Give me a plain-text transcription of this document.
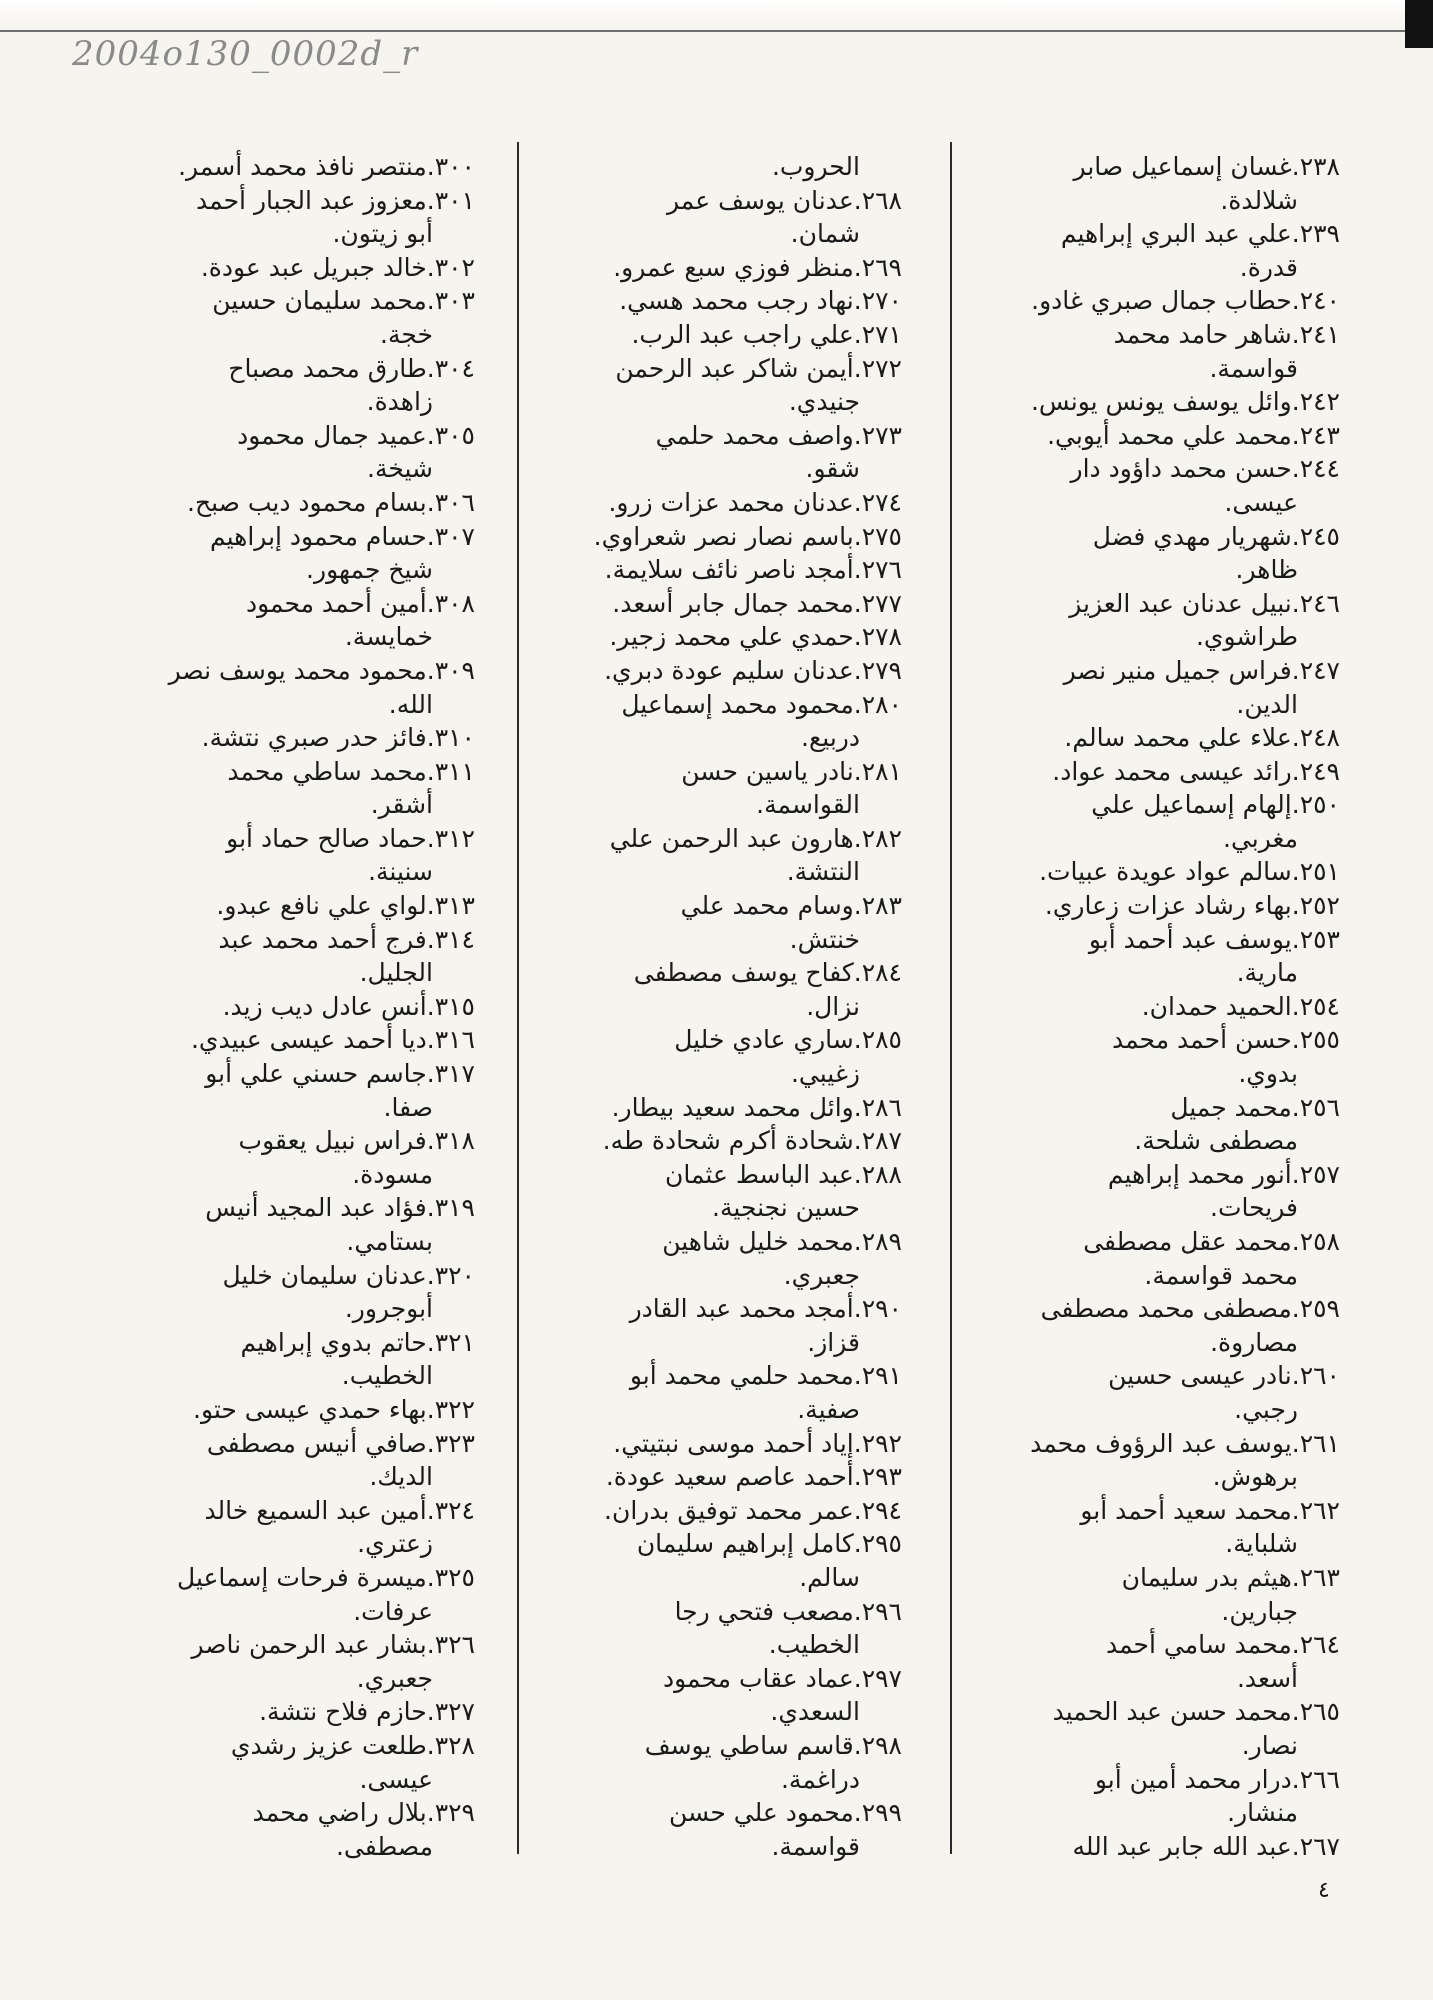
2004o130_0002d_r

٢٣٨.غسان إسماعيل صابر

شلالدة.

٢٣٩.علي عبد البري إبراهيم

قدرة.

٢٤٠.حطاب جمال صبري غادو.

٢٤١.شاهر حامد محمد

قواسمة.

٢٤٢.وائل يوسف يونس يونس.

٢٤٣.محمد علي محمد أيوبي.

٢٤٤.حسن محمد داؤود دار

عيسى.

٢٤٥.شهريار مهدي فضل

ظاهر.

٢٤٦.نبيل عدنان عبد العزيز

طراشوي.

٢٤٧.فراس جميل منير نصر

الدين.

٢٤٨.علاء علي محمد سالم.

٢٤٩.رائد عيسى محمد عواد.

٢٥٠.إلهام إسماعيل علي

مغربي.

٢٥١.سالم عواد عويدة عبيات.

٢٥٢.بهاء رشاد عزات زعاري.

٢٥٣.يوسف عبد أحمد أبو

مارية.

٢٥٤.الحميد حمدان.

٢٥٥.حسن أحمد محمد

بدوي.

٢٥٦.محمد جميل

مصطفى شلحة.

٢٥٧.أنور محمد إبراهيم

فريحات.

٢٥٨.محمد عقل مصطفى

محمد قواسمة.

٢٥٩.مصطفى محمد مصطفى

مصاروة.

٢٦٠.نادر عيسى حسين

رجبي.

٢٦١.يوسف عبد الرؤوف محمد

برهوش.

٢٦٢.محمد سعيد أحمد أبو

شلباية.

٢٦٣.هيثم بدر سليمان

جبارين.

٢٦٤.محمد سامي أحمد

أسعد.

٢٦٥.محمد حسن عبد الحميد

نصار.

٢٦٦.درار محمد أمين أبو

منشار.

٢٦٧.عبد الله جابر عبد الله

الحروب.

٢٦٨.عدنان يوسف عمر

شمان.

٢٦٩.منظر فوزي سبع عمرو.

٢٧٠.نهاد رجب محمد هسي.

٢٧١.علي راجب عبد الرب.

٢٧٢.أيمن شاكر عبد الرحمن

جنيدي.

٢٧٣.واصف محمد حلمي

شقو.

٢٧٤.عدنان محمد عزات زرو.

٢٧٥.باسم نصار نصر شعراوي.

٢٧٦.أمجد ناصر نائف سلايمة.

٢٧٧.محمد جمال جابر أسعد.

٢٧٨.حمدي علي محمد زجير.

٢٧٩.عدنان سليم عودة دبري.

٢٨٠.محمود محمد إسماعيل

دربيع.

٢٨١.نادر ياسين حسن

القواسمة.

٢٨٢.هارون عبد الرحمن علي

النتشة.

٢٨٣.وسام محمد علي

خنتش.

٢٨٤.كفاح يوسف مصطفى

نزال.

٢٨٥.ساري عادي خليل

زغيبي.

٢٨٦.وائل محمد سعيد بيطار.

٢٨٧.شحادة أكرم شحادة طه.

٢٨٨.عبد الباسط عثمان

حسين نجنجية.

٢٨٩.محمد خليل شاهين

جعبري.

٢٩٠.أمجد محمد عبد القادر

قزاز.

٢٩١.محمد حلمي محمد أبو

صفية.

٢٩٢.إياد أحمد موسى نبتيتي.

٢٩٣.أحمد عاصم سعيد عودة.

٢٩٤.عمر محمد توفيق بدران.

٢٩٥.كامل إبراهيم سليمان

سالم.

٢٩٦.مصعب فتحي رجا

الخطيب.

٢٩٧.عماد عقاب محمود

السعدي.

٢٩٨.قاسم ساطي يوسف

دراغمة.

٢٩٩.محمود علي حسن

قواسمة.

٣٠٠.منتصر نافذ محمد أسمر.

٣٠١.معزوز عبد الجبار أحمد

أبو زيتون.

٣٠٢.خالد جبريل عبد عودة.

٣٠٣.محمد سليمان حسين

خجة.

٣٠٤.طارق محمد مصباح

زاهدة.

٣٠٥.عميد جمال محمود

شيخة.

٣٠٦.بسام محمود ديب صبح.

٣٠٧.حسام محمود إبراهيم

شيخ جمهور.

٣٠٨.أمين أحمد محمود

خمايسة.

٣٠٩.محمود محمد يوسف نصر

الله.

٣١٠.فائز حدر صبري نتشة.

٣١١.محمد ساطي محمد

أشقر.

٣١٢.حماد صالح حماد أبو

سنينة.

٣١٣.لواي علي نافع عبدو.

٣١٤.فرج أحمد محمد عبد

الجليل.

٣١٥.أنس عادل ديب زيد.

٣١٦.ديا أحمد عيسى عبيدي.

٣١٧.جاسم حسني علي أبو

صفا.

٣١٨.فراس نبيل يعقوب

مسودة.

٣١٩.فؤاد عبد المجيد أنيس

بستامي.

٣٢٠.عدنان سليمان خليل

أبوجرور.

٣٢١.حاتم بدوي إبراهيم

الخطيب.

٣٢٢.بهاء حمدي عيسى حتو.

٣٢٣.صافي أنيس مصطفى

الديك.

٣٢٤.أمين عبد السميع خالد

زعتري.

٣٢٥.ميسرة فرحات إسماعيل

عرفات.

٣٢٦.بشار عبد الرحمن ناصر

جعبري.

٣٢٧.حازم فلاح نتشة.

٣٢٨.طلعت عزيز رشدي

عيسى.

٣٢٩.بلال راضي محمد

مصطفى.

٤
